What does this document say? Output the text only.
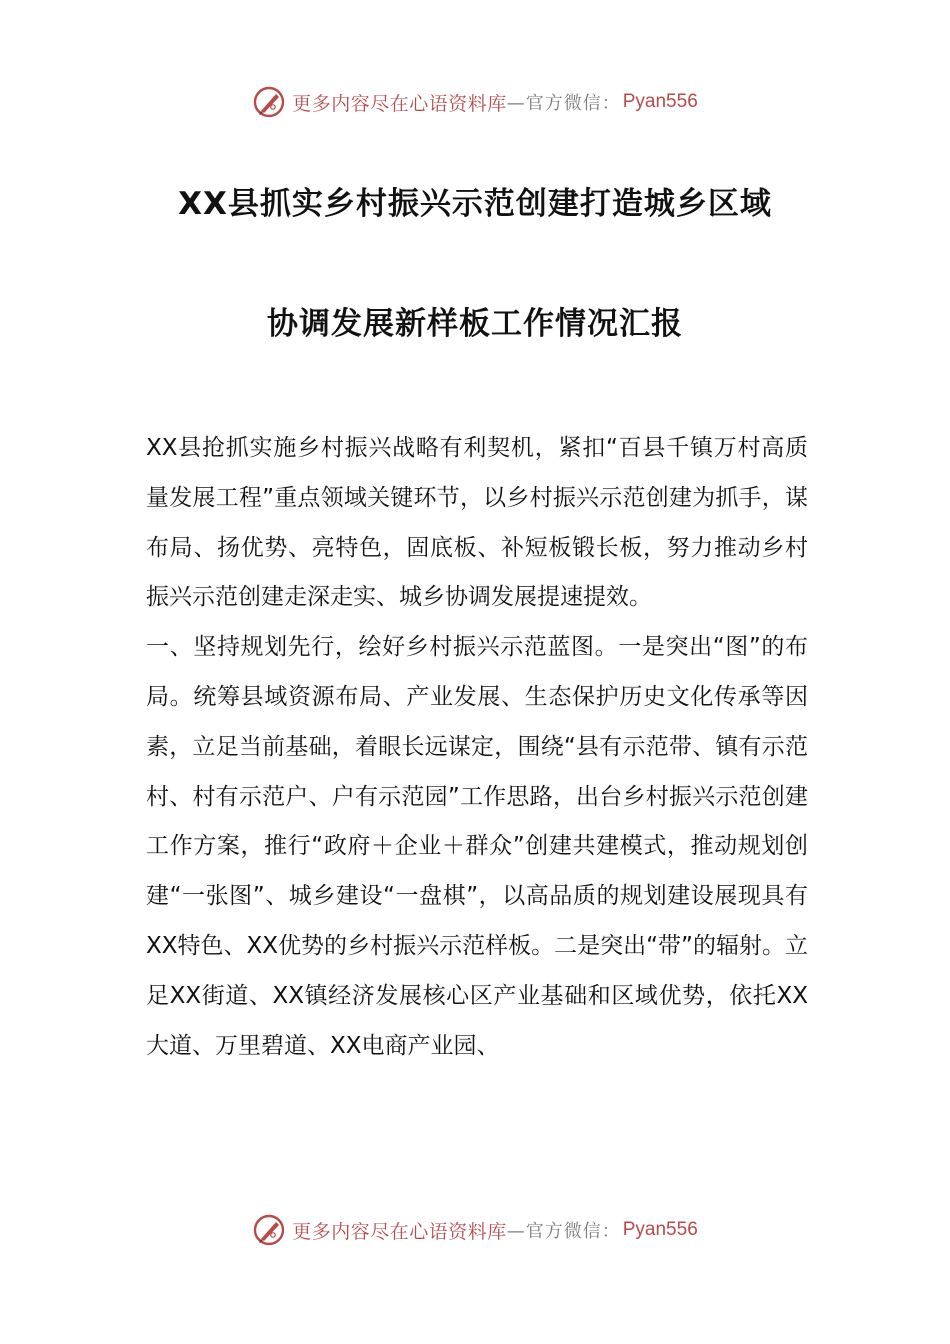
更多内容尽在心语资料库 —官方微信： Pyan556
XX县抓实乡村振兴示范创建打造城乡区域
协调发展新样板工作情况汇报

XX县抢抓实施乡村振兴战略有利契机，紧扣“百县千镇万村高质量发展工程”重点领域关键环节，以乡村振兴示范创建为抓手，谋布局、扬优势、亮特色，固底板、补短板锻长板，努力推动乡村振兴示范创建走深走实、城乡协调发展提速提效。

一、坚持规划先行，绘好乡村振兴示范蓝图。一是突出“图”的布局。统筹县域资源布局、产业发展、生态保护历史文化传承等因素，立足当前基础，着眼长远谋定，围绕“县有示范带、镇有示范村、村有示范户、户有示范园”工作思路，出台乡村振兴示范创建工作方案，推行“政府＋企业＋群众”创建共建模式，推动规划创建“一张图”、城乡建设“一盘棋”，以高品质的规划建设展现具有XX特色、XX优势的乡村振兴示范样板。二是突出“带”的辐射。立足XX街道、XX镇经济发展核心区产业基础和区域优势，依托XX大道、万里碧道、XX电商产业园、

更多内容尽在心语资料库 —官方微信： Pyan556
